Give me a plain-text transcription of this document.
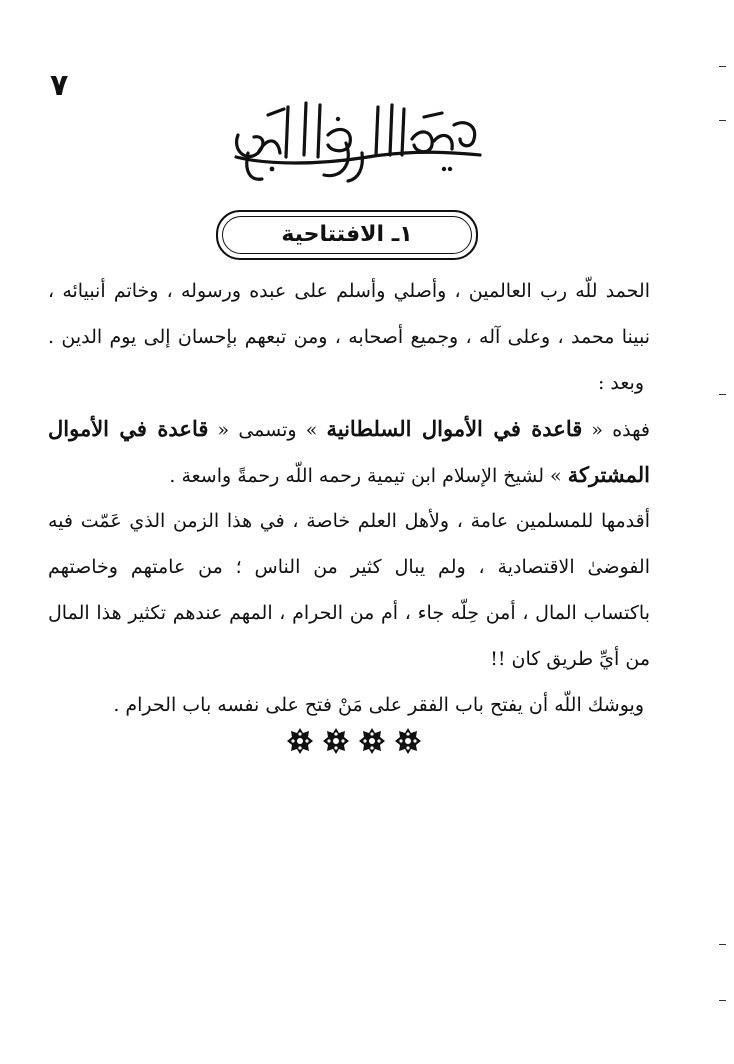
٧
١ـ الافتتاحية
الحمد للّه رب العالمين ، وأصلي وأسلم على عبده ورسوله ، وخاتم أنبيائه ،
نبينا محمد ، وعلى آله ، وجميع أصحابه ، ومن تبعهم بإحسان إلى يوم الدين .
وبعد :
فهذه « قاعدة في الأموال السلطانية » وتسمى « قاعدة في الأموال
المشتركة » لشيخ الإسلام ابن تيمية رحمه اللّه رحمةً واسعة .
أقدمها للمسلمين عامة ، ولأهل العلم خاصة ، في هذا الزمن الذي عَمّت فيه
الفوضىٰ الاقتصادية ، ولم يبال كثير من الناس ؛ من عامتهم وخاصتهم
باكتساب المال ، أمن حِلّه جاء ، أم من الحرام ، المهم عندهم تكثير هذا المال
من أيِّ طريق كان !!
ويوشك اللّه أن يفتح باب الفقر على مَنْ فتح على نفسه باب الحرام .
